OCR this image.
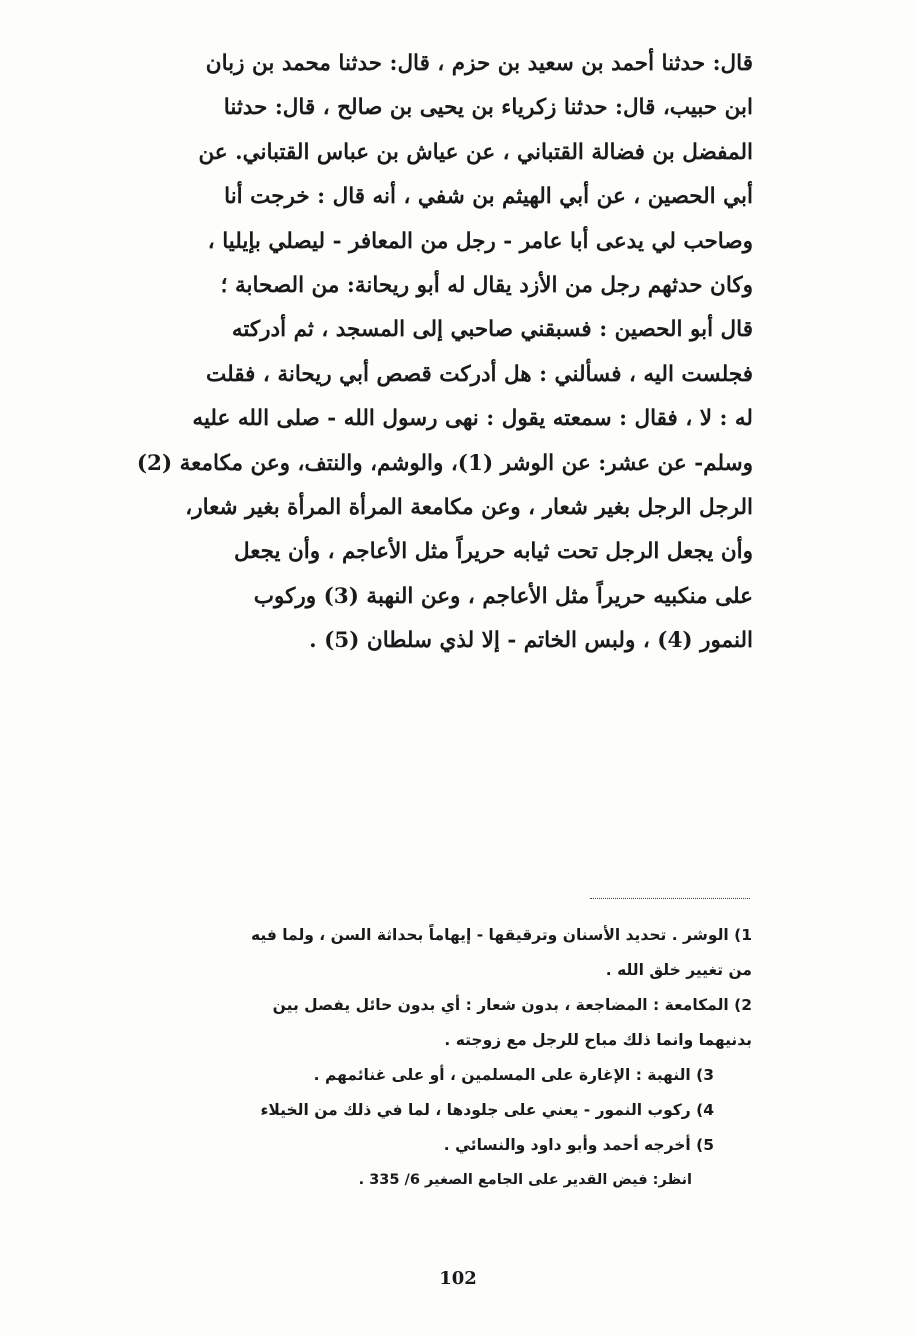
قال: حدثنا أحمد بن سعيد بن حزم ، قال: حدثنا محمد بن زبان
ابن حبيب، قال: حدثنا زكرياء بن يحيى بن صالح ، قال: حدثنا
المفضل بن فضالة القتباني ، عن عياش بن عباس القتباني. عن
أبي الحصين ، عن أبي الهيثم بن شفي ، أنه قال : خرجت أنا
وصاحب لي يدعى أبا عامر - رجل من المعافر - ليصلي بإيليا ،
وكان حدثهم رجل من الأزد يقال له أبو ريحانة: من الصحابة ؛
قال أبو الحصين : فسبقني صاحبي إلى المسجد ، ثم أدركته
فجلست اليه ، فسألني : هل أدركت قصص أبي ريحانة ، فقلت
له : لا ، فقال : سمعته يقول : نهى رسول الله - صلى الله عليه
وسلم- عن عشر: عن الوشر (1)، والوشم، والنتف، وعن مكامعة (2)
الرجل الرجل بغير شعار ، وعن مكامعة المرأة المرأة بغير شعار،
وأن يجعل الرجل تحت ثيابه حريراً مثل الأعاجم ، وأن يجعل
على منكبيه حريراً مثل الأعاجم ، وعن النهبة (3) وركوب
النمور (4) ، ولبس الخاتم - إلا لذي سلطان (5) .
1) الوشر . تحديد الأسنان وترقيقها - إيهاماً بحداثة السن ، ولما فيه
من تغيير خلق الله .
2) المكامعة : المضاجعة ، بدون شعار : أي بدون حائل يفصل بين
بدنيهما وانما ذلك مباح للرجل مع زوجته .
3) النهبة : الإغارة على المسلمين ، أو على غنائمهم .
4) ركوب النمور - يعني على جلودها ، لما في ذلك من الخيلاء
5) أخرجه أحمد وأبو داود والنسائي .
انظر: فيض القدير على الجامع الصغير 6/ 335 .
102
